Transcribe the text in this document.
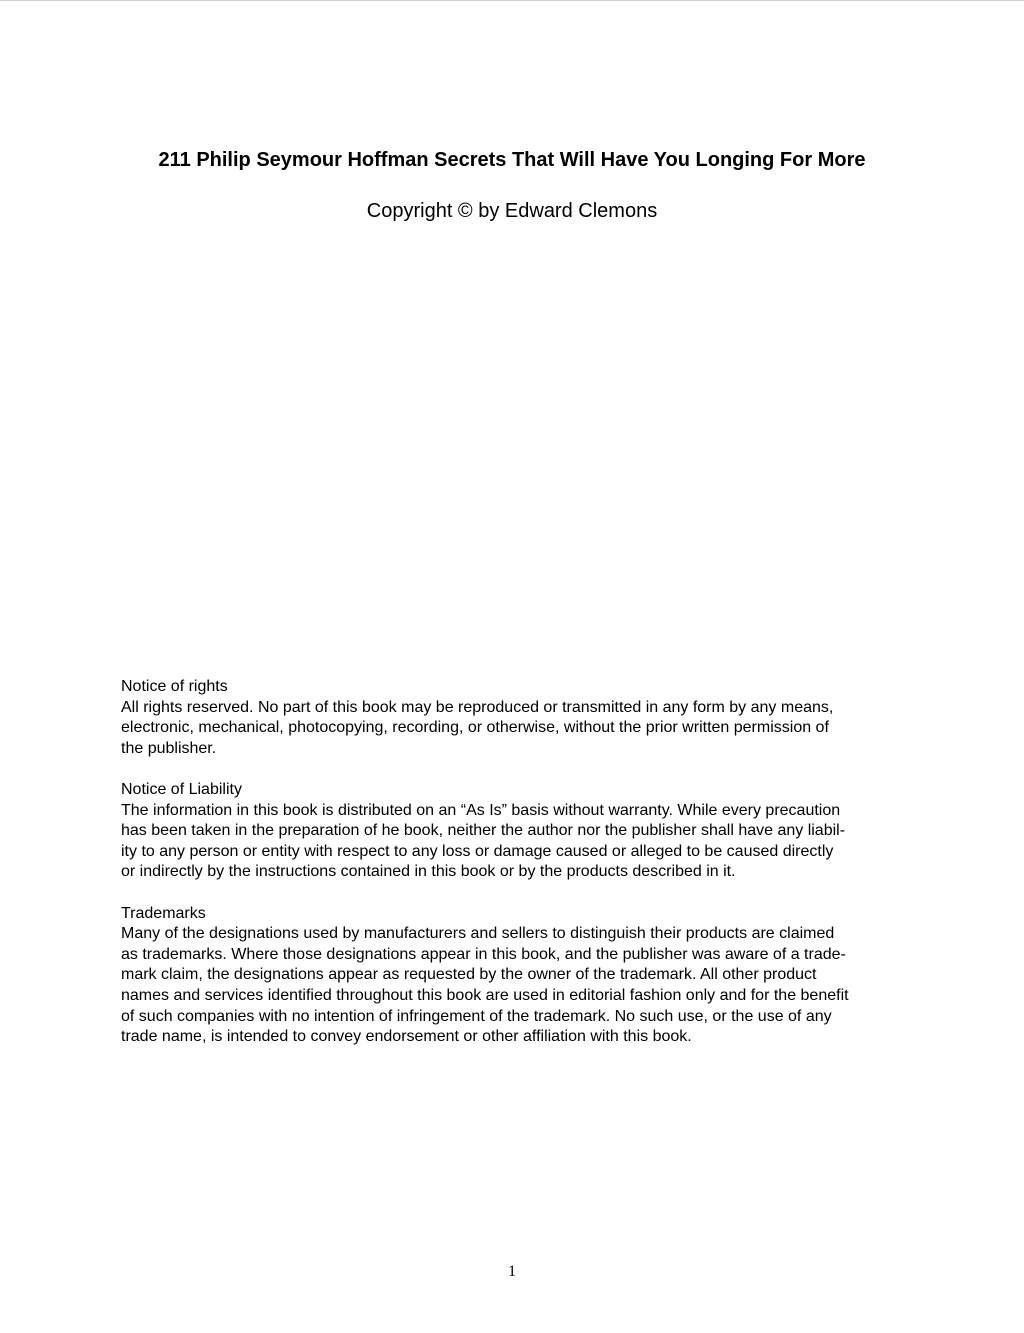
211 Philip Seymour Hoffman Secrets That Will Have You Longing For More
Copyright © by Edward Clemons
Notice of rights
All rights reserved. No part of this book may be reproduced or transmitted in any form by any means,
electronic, mechanical, photocopying, recording, or otherwise, without the prior written permission of
the publisher.
Notice of Liability
The information in this book is distributed on an “As Is” basis without warranty. While every precaution
has been taken in the preparation of he book, neither the author nor the publisher shall have any liabil-
ity to any person or entity with respect to any loss or damage caused or alleged to be caused directly
or indirectly by the instructions contained in this book or by the products described in it.
Trademarks
Many of the designations used by manufacturers and sellers to distinguish their products are claimed
as trademarks. Where those designations appear in this book, and the publisher was aware of a trade-
mark claim, the designations appear as requested by the owner of the trademark. All other product
names and services identified throughout this book are used in editorial fashion only and for the benefit
of such companies with no intention of infringement of the trademark. No such use, or the use of any
trade name, is intended to convey endorsement or other affiliation with this book.
1
